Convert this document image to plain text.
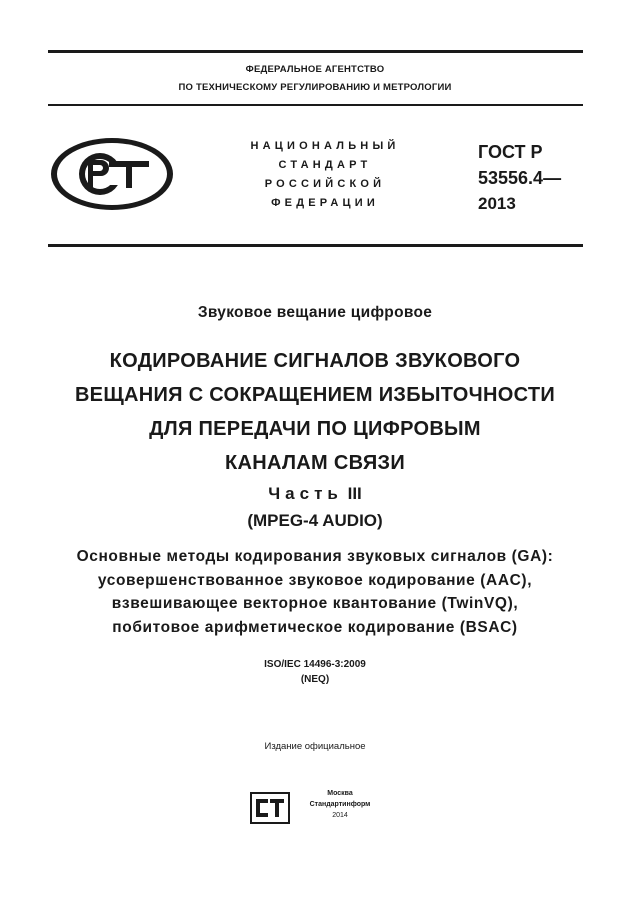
ФЕДЕРАЛЬНОЕ АГЕНТСТВО
ПО ТЕХНИЧЕСКОМУ РЕГУЛИРОВАНИЮ И МЕТРОЛОГИИ
НАЦИОНАЛЬНЫЙ
СТАНДАРТ
РОССИЙСКОЙ
ФЕДЕРАЦИИ
ГОСТ Р
53556.4—
2013
Звуковое вещание цифровое
КОДИРОВАНИЕ СИГНАЛОВ ЗВУКОВОГО
ВЕЩАНИЯ С СОКРАЩЕНИЕМ ИЗБЫТОЧНОСТИ
ДЛЯ ПЕРЕДАЧИ ПО ЦИФРОВЫМ
КАНАЛАМ СВЯЗИ
Часть III
(MPEG-4 AUDIO)
Основные методы кодирования звуковых сигналов (GA):
усовершенствованное звуковое кодирование (AAC),
взвешивающее векторное квантование (TwinVQ),
побитовое арифметическое кодирование (BSAC)
ISO/IEC 14496-3:2009
(NEQ)
Издание официальное
Москва
Стандартинформ
2014
